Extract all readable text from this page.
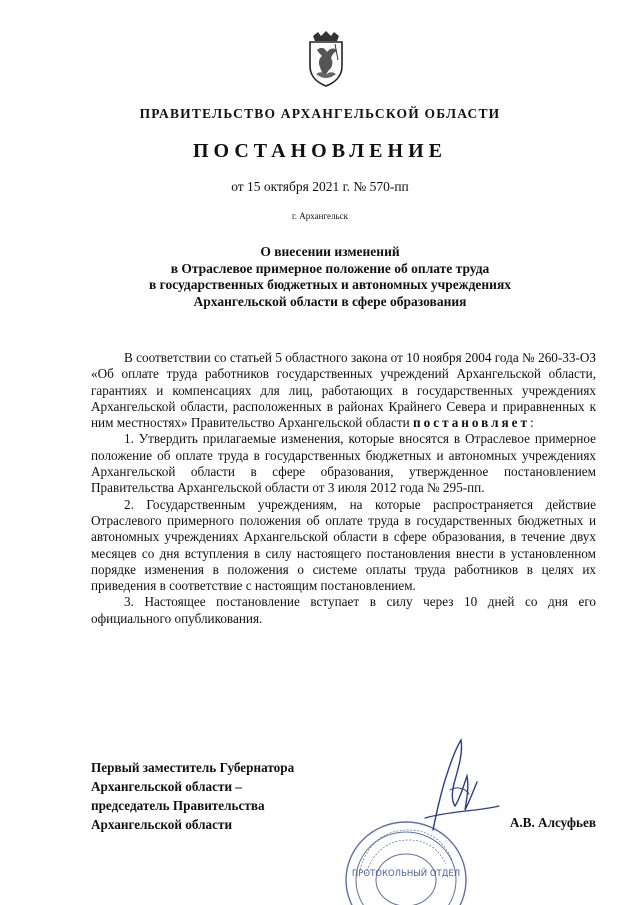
ПРАВИТЕЛЬСТВО АРХАНГЕЛЬСКОЙ ОБЛАСТИ
ПОСТАНОВЛЕНИЕ
от 15 октября 2021 г. № 570-пп
г. Архангельск
О внесении изменений
в Отраслевое примерное положение об оплате труда
в государственных бюджетных и автономных учреждениях
Архангельской области в сфере образования

В соответствии со статьей 5 областного закона от 10 ноября 2004 года № 260-33-ОЗ «Об оплате труда работников государственных учреждений Архангельской области, гарантиях и компенсациях для лиц, работающих в государственных учреждениях Архангельской области, расположенных в районах Крайнего Севера и приравненных к ним местностях» Правительство Архангельской области постановляет:

1. Утвердить прилагаемые изменения, которые вносятся в Отраслевое примерное положение об оплате труда в государственных бюджетных и автономных учреждениях Архангельской области в сфере образования, утвержденное постановлением Правительства Архангельской области от 3 июля 2012 года № 295-пп.

2. Государственным учреждениям, на которые распространяется действие Отраслевого примерного положения об оплате труда в государственных бюджетных и автономных учреждениях Архангельской области в сфере образования, в течение двух месяцев со дня вступления в силу настоящего постановления внести в установленном порядке изменения в положения о системе оплаты труда работников в целях их приведения в соответствие с настоящим постановлением.

3. Настоящее постановление вступает в силу через 10 дней со дня его официального опубликования.

Первый заместитель Губернатора
Архангельской области –
председатель Правительства
Архангельской области	А.В. Алсуфьев
ПРОТОКОЛЬНЫЙ ОТДЕЛ
